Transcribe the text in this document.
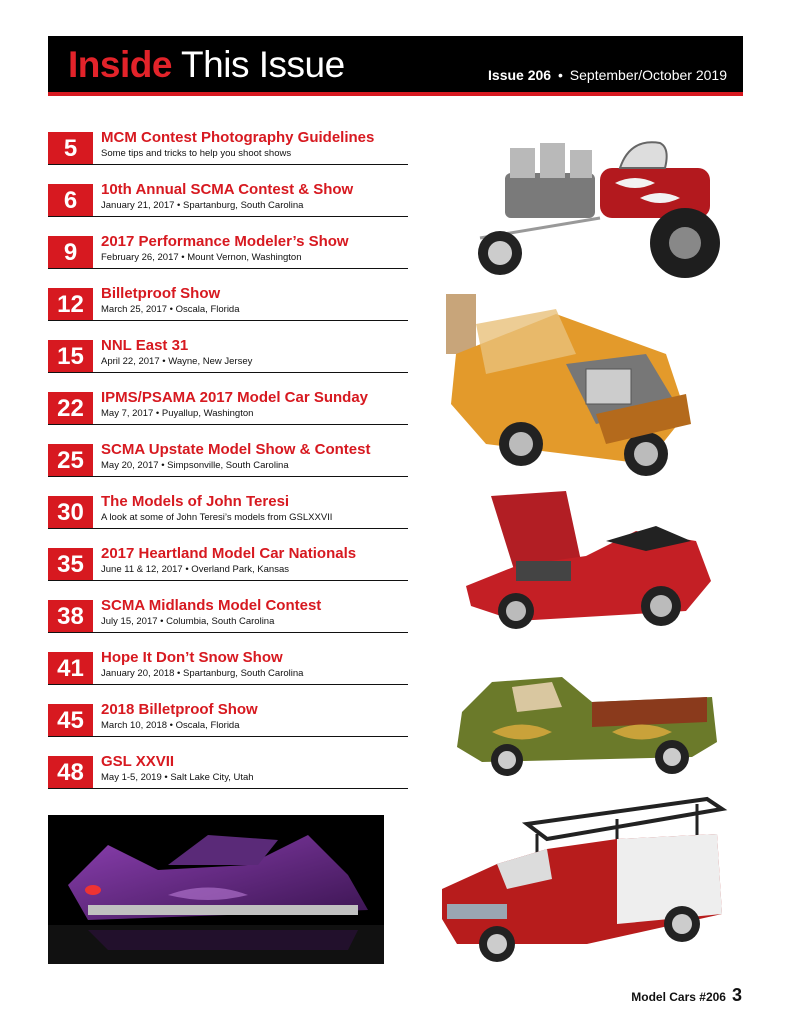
Inside This Issue	Issue 206 • September/October 2019
5	MCM Contest Photography Guidelines
Some tips and tricks to help you shoot shows
6	10th Annual SCMA Contest & Show
January 21, 2017 • Spartanburg, South Carolina
9	2017 Performance Modeler’s Show
February 26, 2017 • Mount Vernon, Washington
12	Billetproof Show
March 25, 2017 • Oscala, Florida
15	NNL East 31
April 22, 2017 • Wayne, New Jersey
22	IPMS/PSAMA 2017 Model Car Sunday
May 7, 2017 • Puyallup, Washington
25	SCMA Upstate Model Show & Contest
May 20, 2017 • Simpsonville, South Carolina
30	The Models of John Teresi
A look at some of John Teresi’s models from GSLXXVII
35	2017 Heartland Model Car Nationals
June 11 & 12, 2017 • Overland Park, Kansas
38	SCMA Midlands Model Contest
July 15, 2017 • Columbia, South Carolina
41	Hope It Don’t Snow Show
January 20, 2018 • Spartanburg, South Carolina
45	2018 Billetproof Show
March 10, 2018 • Oscala, Florida
48	GSL XXVII
May 1-5, 2019 • Salt Lake City, Utah
Model Cars #206 3
